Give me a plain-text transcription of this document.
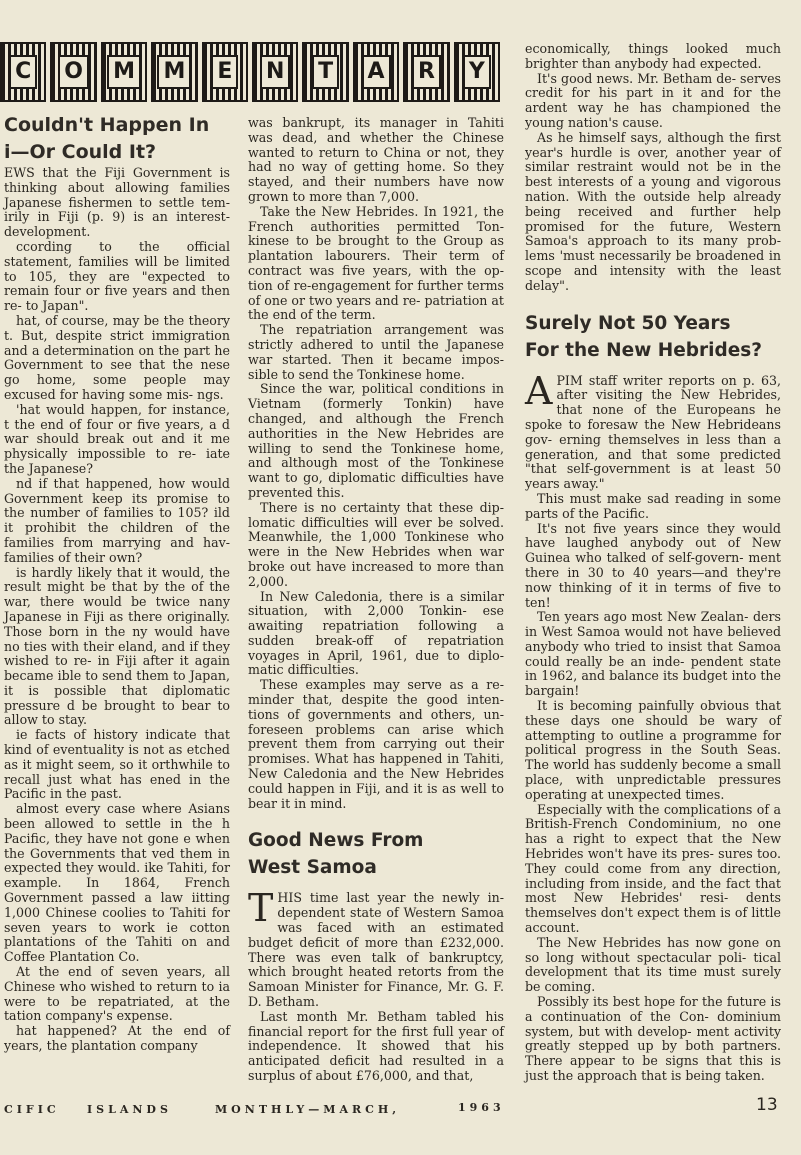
C O M M E N T A R Y
Couldn't Happen In
i—Or Could It?

EWS that the Fiji Government is thinking about allowing families Japanese fishermen to settle tem- irily in Fiji (p. 9) is an interest- development.

ccording to the official statement, families will be limited to 105, they are "expected to remain four or five years and then re- to Japan".

hat, of course, may be the theory t. But, despite strict immigration and a determination on the part he Government to see that the nese go home, some people may excused for having some mis- ngs.

'hat would happen, for instance, t the end of four or five years, a d war should break out and it me physically impossible to re- iate the Japanese?

nd if that happened, how would Government keep its promise to the number of families to 105? ild it prohibit the children of the families from marrying and hav- families of their own?

is hardly likely that it would, the result might be that by the of the war, there would be twice nany Japanese in Fiji as there originally. Those born in the ny would have no ties with their eland, and if they wished to re- in Fiji after it again became ible to send them to Japan, it is possible that diplomatic pressure d be brought to bear to allow to stay.

ie facts of history indicate that kind of eventuality is not as etched as it might seem, so it orthwhile to recall just what has ened in the Pacific in the past.

almost every case where Asians been allowed to settle in the h Pacific, they have not gone e when the Governments that ved them in expected they would. ike Tahiti, for example. In 1864, French Government passed a law iitting 1,000 Chinese coolies to Tahiti for seven years to work ie cotton plantations of the Tahiti on and Coffee Plantation Co.

At the end of seven years, all Chinese who wished to return to ia were to be repatriated, at the tation company's expense.

hat happened? At the end of years, the plantation company

was bankrupt, its manager in Tahiti was dead, and whether the Chinese wanted to return to China or not, they had no way of getting home. So they stayed, and their numbers have now grown to more than 7,000.

Take the New Hebrides. In 1921, the French authorities permitted Ton- kinese to be brought to the Group as plantation labourers. Their term of contract was five years, with the op- tion of re-engagement for further terms of one or two years and re- patriation at the end of the term.

The repatriation arrangement was strictly adhered to until the Japanese war started. Then it became impos- sible to send the Tonkinese home.

Since the war, political conditions in Vietnam (formerly Tonkin) have changed, and although the French authorities in the New Hebrides are willing to send the Tonkinese home, and although most of the Tonkinese want to go, diplomatic difficulties have prevented this.

There is no certainty that these dip- lomatic difficulties will ever be solved. Meanwhile, the 1,000 Tonkinese who were in the New Hebrides when war broke out have increased to more than 2,000.

In New Caledonia, there is a similar situation, with 2,000 Tonkin- ese awaiting repatriation following a sudden break-off of repatriation voyages in April, 1961, due to diplo- matic difficulties.

These examples may serve as a re- minder that, despite the good inten- tions of governments and others, un- foreseen problems can arise which prevent them from carrying out their promises. What has happened in Tahiti, New Caledonia and the New Hebrides could happen in Fiji, and it is as well to bear it in mind.

Good News From
West Samoa

THIS time last year the newly in- dependent state of Western Samoa was faced with an estimated budget deficit of more than £232,000. There was even talk of bankruptcy, which brought heated retorts from the Samoan Minister for Finance, Mr. G. F. D. Betham.

Last month Mr. Betham tabled his financial report for the first full year of independence. It showed that his anticipated deficit had resulted in a surplus of about £76,000, and that,

economically, things looked much brighter than anybody had expected.

It's good news. Mr. Betham de- serves credit for his part in it and for the ardent way he has championed the young nation's cause.

As he himself says, although the first year's hurdle is over, another year of similar restraint would not be in the best interests of a young and vigorous nation. With the outside help already being received and further help promised for the future, Western Samoa's approach to its many prob- lems 'must necessarily be broadened in scope and intensity with the least delay".

Surely Not 50 Years
For the New Hebrides?

APIM staff writer reports on p. 63, after visiting the New Hebrides, that none of the Europeans he spoke to foresaw the New Hebrideans gov- erning themselves in less than a generation, and that some predicted "that self-government is at least 50 years away."

This must make sad reading in some parts of the Pacific.

It's not five years since they would have laughed anybody out of New Guinea who talked of self-govern- ment there in 30 to 40 years—and they're now thinking of it in terms of five to ten!

Ten years ago most New Zealan- ders in West Samoa would not have believed anybody who tried to insist that Samoa could really be an inde- pendent state in 1962, and balance its budget into the bargain!

It is becoming painfully obvious that these days one should be wary of attempting to outline a programme for political progress in the South Seas. The world has suddenly become a small place, with unpredictable pressures operating at unexpected times.

Especially with the complications of a British-French Condominium, no one has a right to expect that the New Hebrides won't have its pres- sures too. They could come from any direction, including from inside, and the fact that most New Hebrides' resi- dents themselves don't expect them is of little account.

The New Hebrides has now gone on so long without spectacular poli- tical development that its time must surely be coming.

Possibly its best hope for the future is a continuation of the Con- dominium system, but with develop- ment activity greatly stepped up by both partners. There appear to be signs that this is just the approach that is being taken.

CIFIC ISLANDS	MONTHLY—MARCH,	1963	13
